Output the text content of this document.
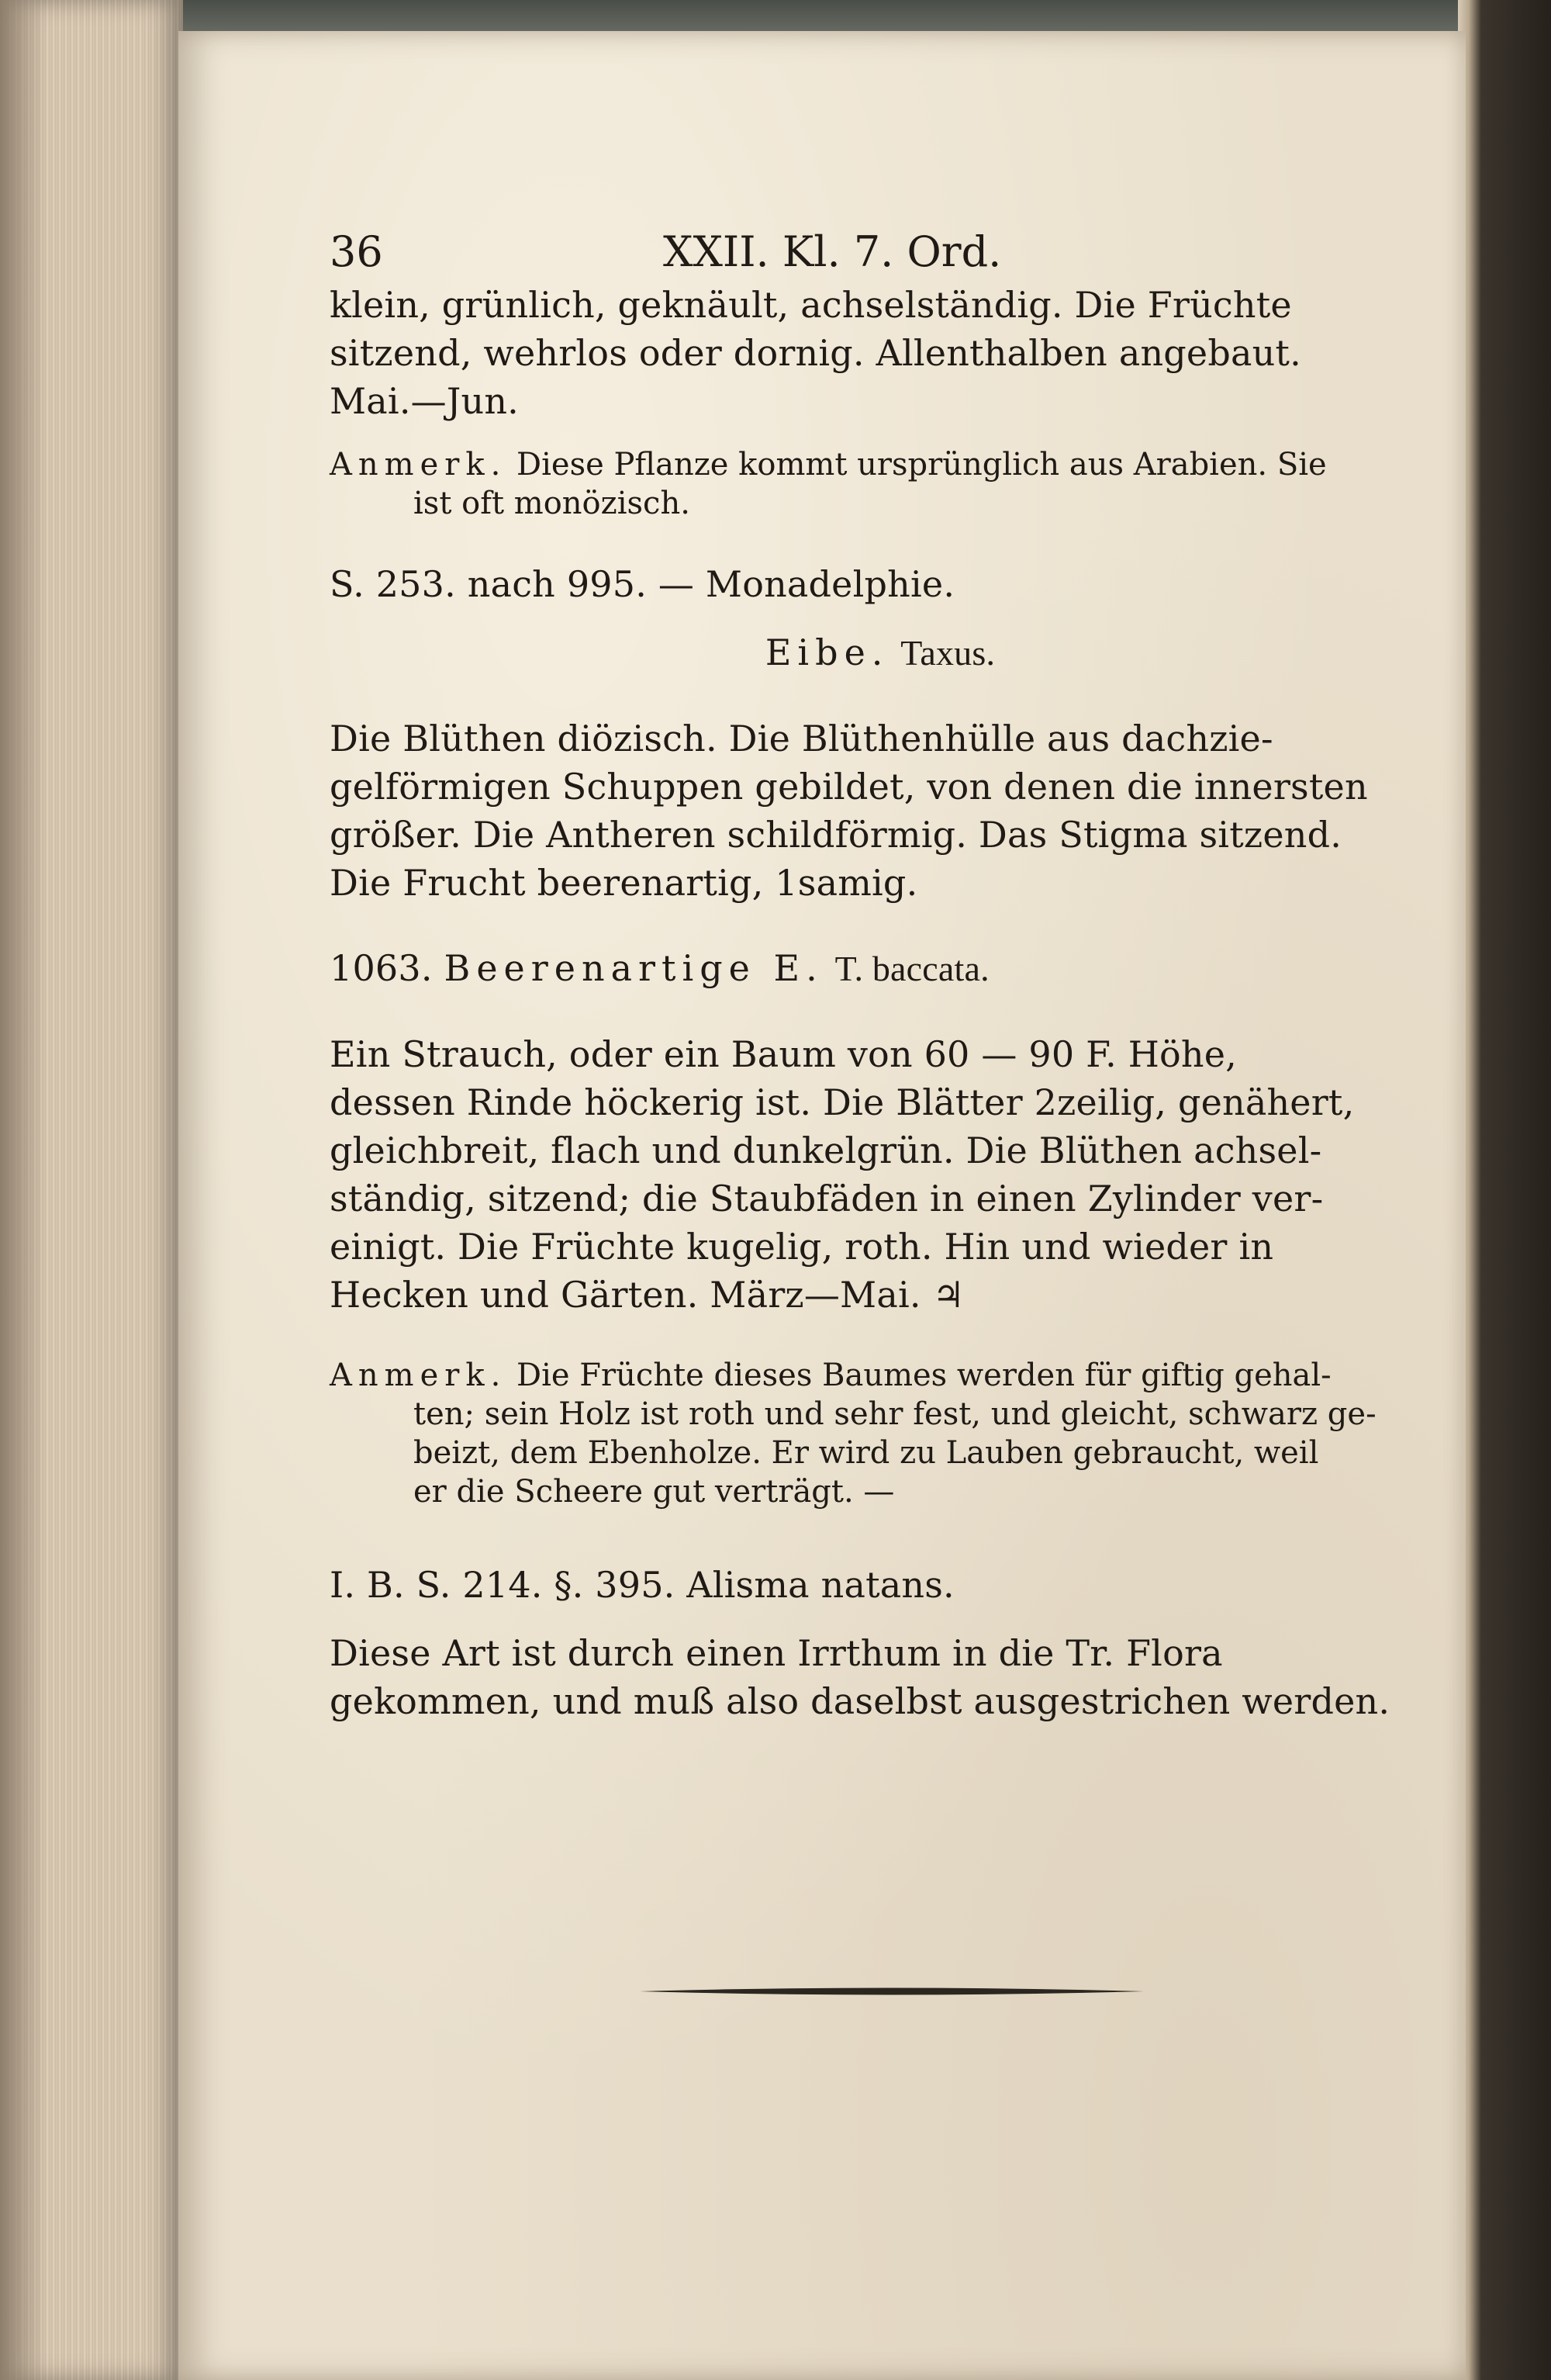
36	XXII. Kl. 7. Ord.
klein, grünlich, geknäult, achselständig. Die Früchte
sitzend, wehrlos oder dornig. Allenthalben angebaut.
Mai.—Jun.
Anmerk. Diese Pflanze kommt ursprünglich aus Arabien. Sie
ist oft monözisch.
S. 253. nach 995. — Monadelphie.
Eibe. Taxus.
Die Blüthen diözisch. Die Blüthenhülle aus dachzie-
gelförmigen Schuppen gebildet, von denen die innersten
größer. Die Antheren schildförmig. Das Stigma sitzend.
Die Frucht beerenartig, 1samig.
1063. Beerenartige E. T. baccata.
Ein Strauch, oder ein Baum von 60 — 90 F. Höhe,
dessen Rinde höckerig ist. Die Blätter 2zeilig, genähert,
gleichbreit, flach und dunkelgrün. Die Blüthen achsel-
ständig, sitzend; die Staubfäden in einen Zylinder ver-
einigt. Die Früchte kugelig, roth. Hin und wieder in
Hecken und Gärten. März—Mai. ♃
Anmerk. Die Früchte dieses Baumes werden für giftig gehal-
ten; sein Holz ist roth und sehr fest, und gleicht, schwarz ge-
beizt, dem Ebenholze. Er wird zu Lauben gebraucht, weil
er die Scheere gut verträgt. —
I. B. S. 214. §. 395. Alisma natans.
Diese Art ist durch einen Irrthum in die Tr. Flora
gekommen, und muß also daselbst ausgestrichen werden.
